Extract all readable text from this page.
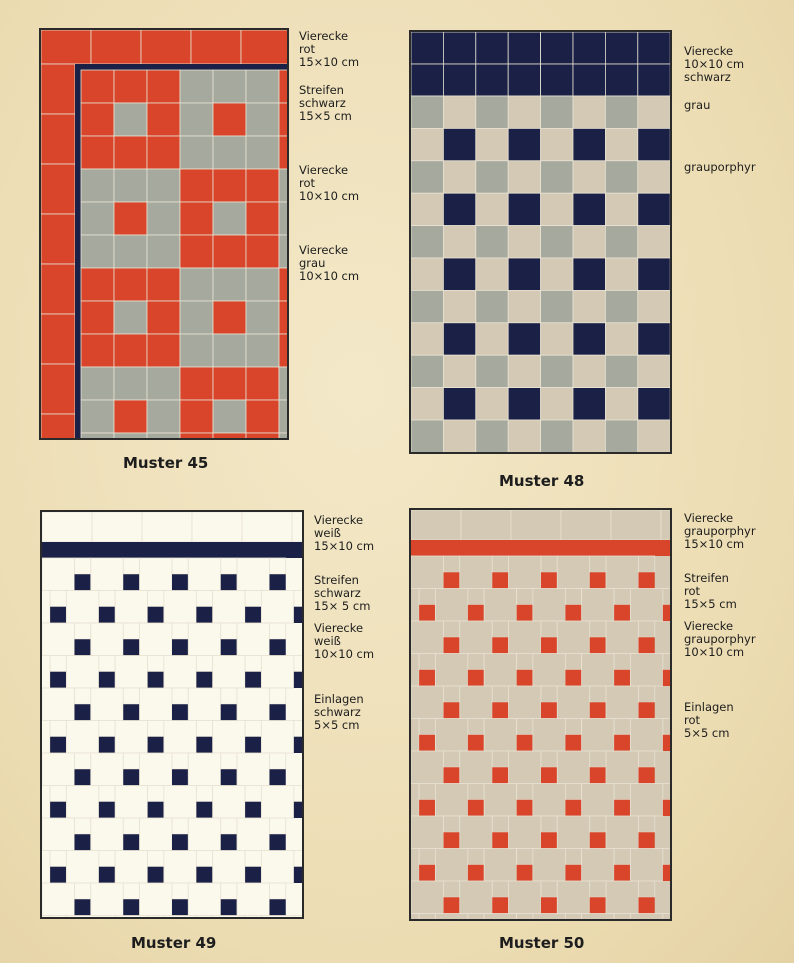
Vierecke
rot
15×10 cm

Streifen
schwarz
15×5 cm

Vierecke
rot
10×10 cm

Vierecke
grau
10×10 cm

Muster 45

Vierecke
10×10 cm
schwarz

grau

grauporphyr

Muster 48

Vierecke
weiß
15×10 cm

Streifen
schwarz
15× 5 cm

Vierecke
weiß
10×10 cm

Einlagen
schwarz
5×5 cm

Muster 49

Vierecke
grauporphyr
15×10 cm

Streifen
rot
15×5 cm

Vierecke
grauporphyr
10×10 cm

Einlagen
rot
5×5 cm

Muster 50
